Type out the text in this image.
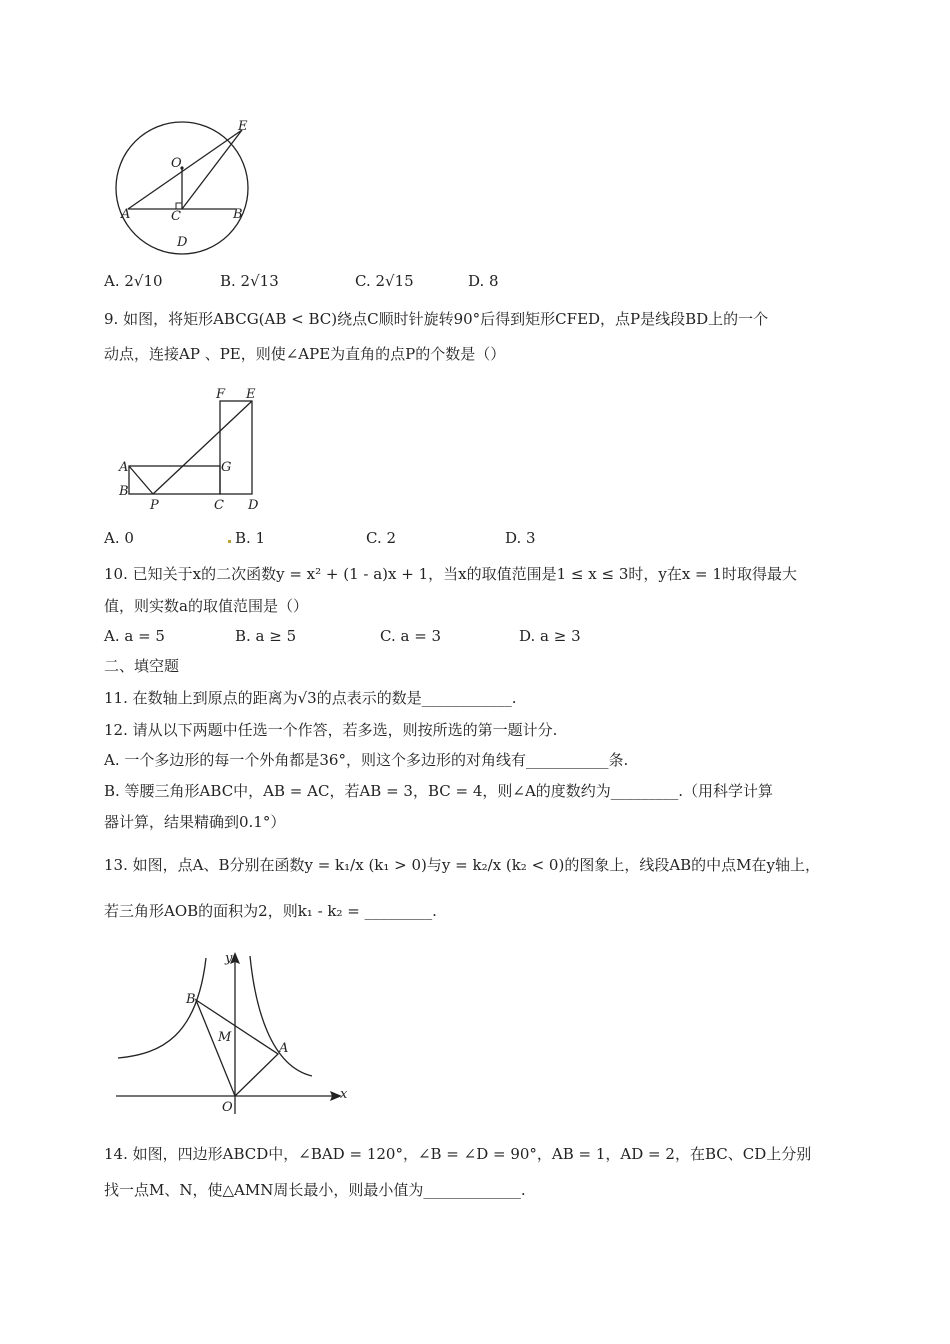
E
O
A	C	B
D
A. 2√10	B. 2√13	C. 2√15	D. 8
9. 如图，将矩形ABCG(AB < BC)绕点C顺时针旋转90°后得到矩形CFED，点P是线段BD上的一个
动点，连接AP 、PE，则使∠APE为直角的点P的个数是（）
F E
A	G
B
P	C D
A. 0	B. 1	C. 2	D. 3
10. 已知关于x的二次函数y = x² + (1 - a)x + 1，当x的取值范围是1 ≤ x ≤ 3时，y在x = 1时取得最大
值，则实数a的取值范围是（）
A. a = 5	B. a ≥ 5	C. a = 3	D. a ≥ 3
二、填空题
11. 在数轴上到原点的距离为√3的点表示的数是____________.
12. 请从以下两题中任选一个作答，若多选，则按所选的第一题计分.
A. 一个多边形的每一个外角都是36°，则这个多边形的对角线有___________条.
B. 等腰三角形ABC中，AB = AC，若AB = 3，BC = 4，则∠A的度数约为_________.（用科学计算
器计算，结果精确到0.1°）
13. 如图，点A、B分别在函数y = k₁/x (k₁ > 0)与y = k₂/x (k₂ < 0)的图象上，线段AB的中点M在y轴上，
若三角形AOB的面积为2，则k₁ - k₂ = _________.
y
x
B
M
A
O
14. 如图，四边形ABCD中，∠BAD = 120°，∠B = ∠D = 90°，AB = 1，AD = 2，在BC、CD上分别
找一点M、N，使△AMN周长最小，则最小值为_____________.
